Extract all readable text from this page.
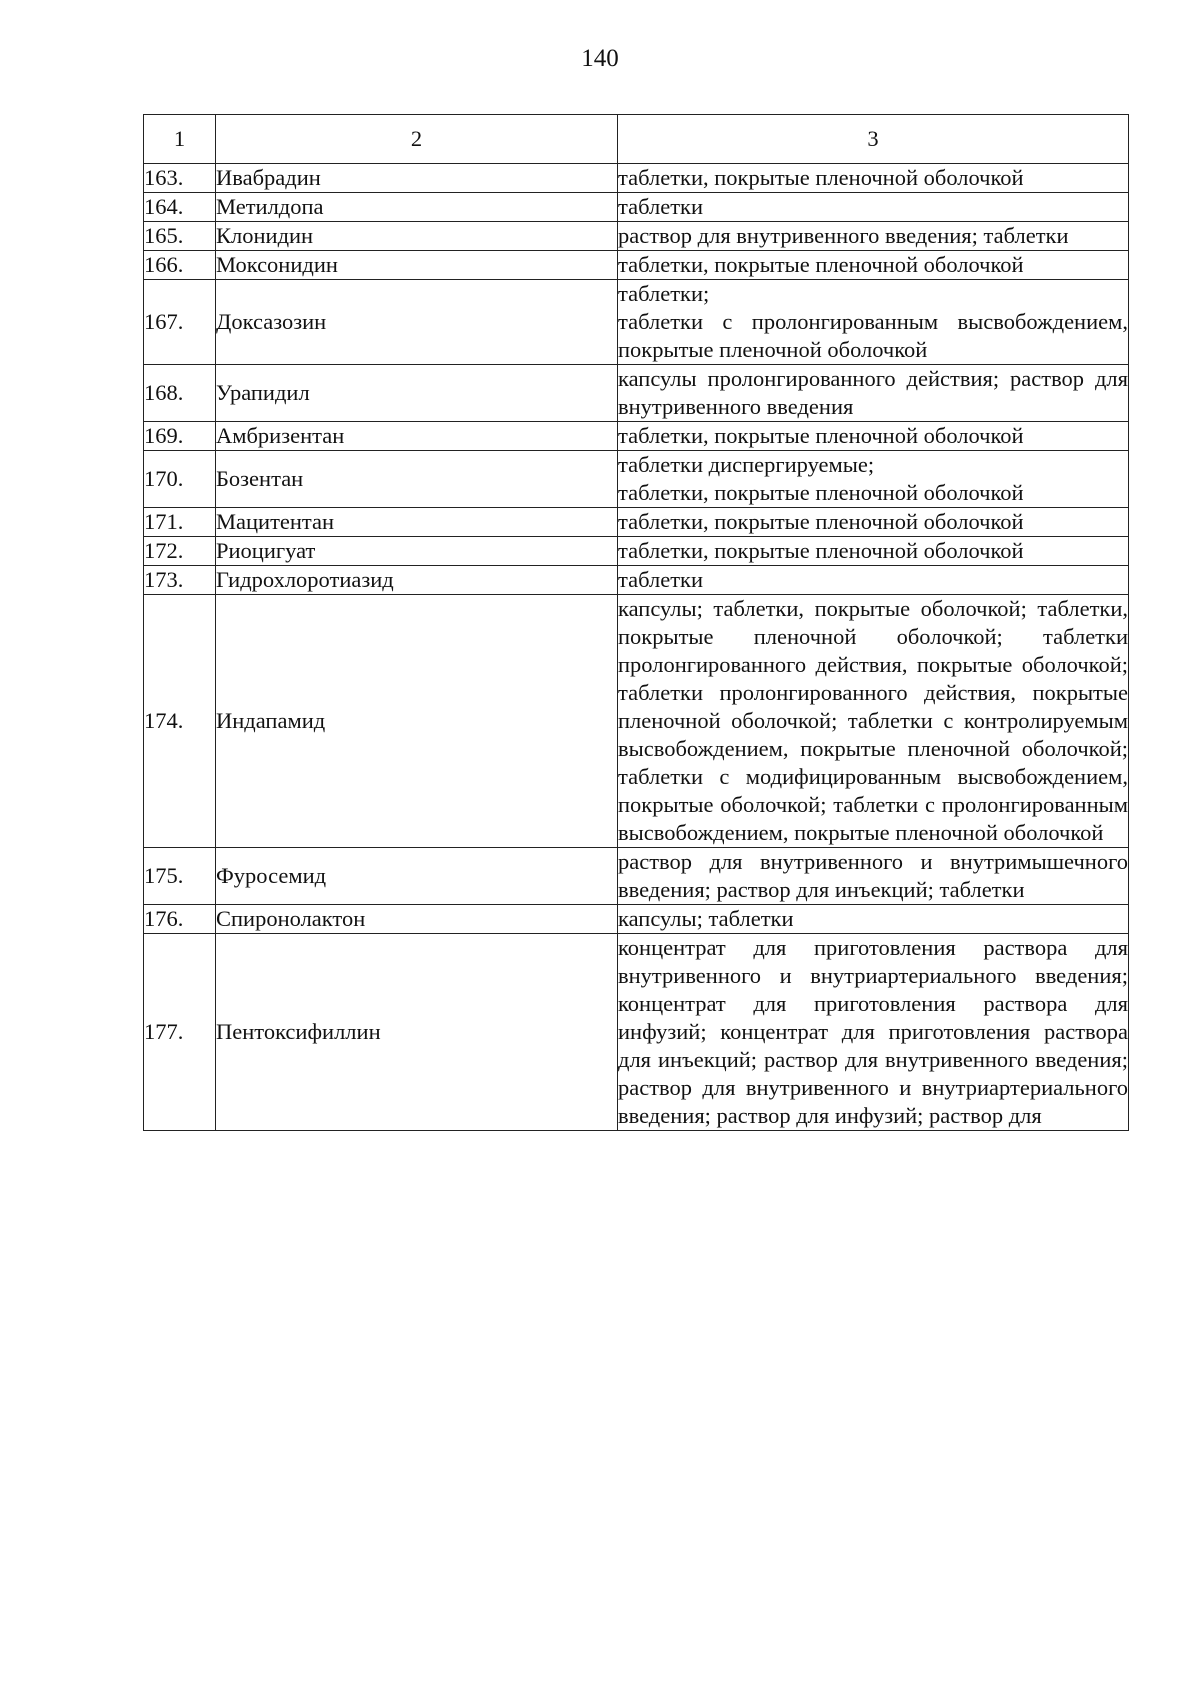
140
1	2	3
163.	Ивабрадин	таблетки, покрытые пленочной оболочкой
164.	Метилдопа	таблетки
165.	Клонидин	раствор для внутривенного введения; таблетки
166.	Моксонидин	таблетки, покрытые пленочной оболочкой
167.	Доксазозин	таблетки;
таблетки с пролонгированным высвобождением, покрытые пленочной оболочкой
168.	Урапидил	капсулы пролонгированного действия; раствор для внутривенного введения
169.	Амбризентан	таблетки, покрытые пленочной оболочкой
170.	Бозентан	таблетки диспергируемые;
таблетки, покрытые пленочной оболочкой
171.	Мацитентан	таблетки, покрытые пленочной оболочкой
172.	Риоцигуат	таблетки, покрытые пленочной оболочкой
173.	Гидрохлоротиазид	таблетки
174.	Индапамид	капсулы; таблетки, покрытые оболочкой; таблетки, покрытые пленочной оболочкой; таблетки пролонгированного действия, покрытые оболочкой; таблетки пролонгированного действия, покрытые пленочной оболочкой; таблетки с контролируемым высвобождением, покрытые пленочной оболочкой; таблетки с модифицированным высвобождением, покрытые оболочкой; таблетки с пролонгированным высвобождением, покрытые пленочной оболочкой
175.	Фуросемид	раствор для внутривенного и внутримышечного введения; раствор для инъекций; таблетки
176.	Спиронолактон	капсулы; таблетки
177.	Пентоксифиллин	концентрат для приготовления раствора для внутривенного и внутриартериального введения; концентрат для приготовления раствора для инфузий; концентрат для приготовления раствора для инъекций; раствор для внутривенного введения; раствор для внутривенного и внутриартериального введения; раствор для инфузий; раствор для
